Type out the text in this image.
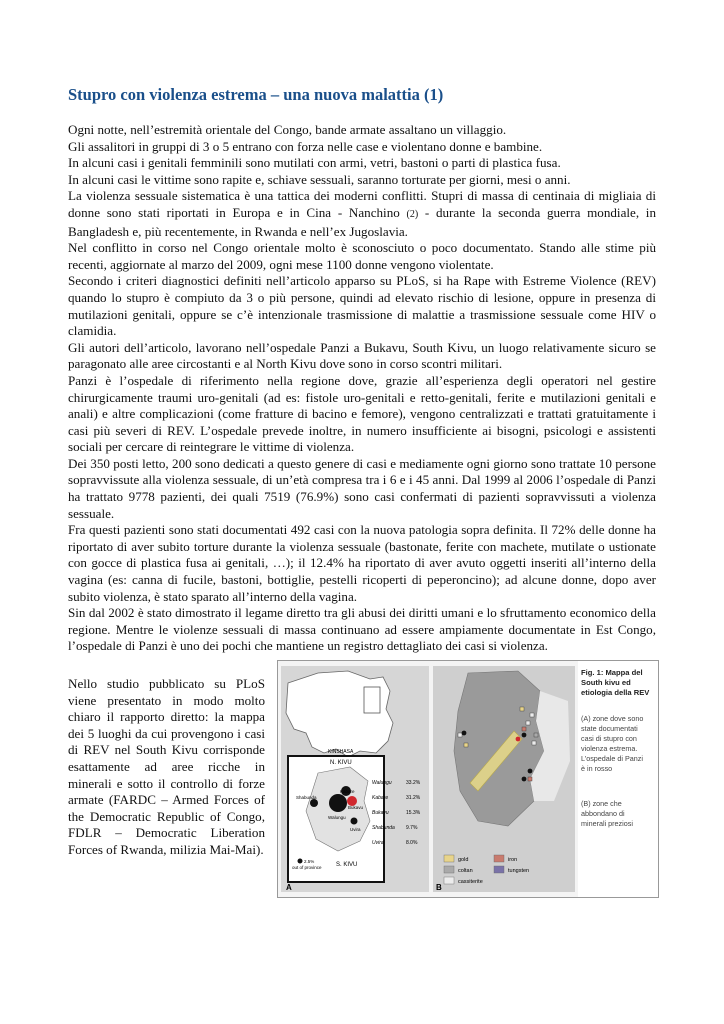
Stupro con violenza estrema – una nuova malattia (1)

Ogni notte, nell’estremità orientale del Congo, bande armate assaltano un villaggio.

Gli assalitori in gruppi di 3 o 5 entrano con forza nelle case e violentano donne e bambine.

In alcuni casi i genitali femminili sono mutilati con armi, vetri, bastoni o parti di plastica fusa.

In alcuni casi le vittime sono rapite e, schiave sessuali, saranno torturate per giorni, mesi o anni.

La violenza sessuale sistematica è una tattica dei moderni conflitti. Stupri di massa di centinaia di migliaia di donne sono stati riportati in Europa e in Cina - Nanchino (2) - durante la seconda guerra mondiale, in Bangladesh e, più recentemente, in Rwanda e nell’ex Jugoslavia.

Nel conflitto in corso nel Congo orientale molto è sconosciuto o poco documentato. Stando alle stime più recenti, aggiornate al marzo del 2009, ogni mese 1100 donne vengono violentate.

Secondo i criteri diagnostici definiti nell’articolo apparso su PLoS, si ha Rape with Estreme Violence (REV) quando lo stupro è compiuto da 3 o più persone, quindi ad elevato rischio di lesione, oppure in presenza di mutilazioni genitali, oppure se c’è intenzionale trasmissione di malattie a trasmissione sessuale come HIV o clamidia.

Gli autori dell’articolo, lavorano nell’ospedale Panzi a Bukavu, South Kivu, un luogo relativamente sicuro se paragonato alle aree circostanti e al North Kivu dove sono in corso scontri militari.

Panzi è l’ospedale di riferimento nella regione dove, grazie all’esperienza degli operatori nel gestire chirurgicamente traumi uro-genitali (ad es: fistole uro-genitali e retto-genitali, ferite e mutilazioni genitali e anali) e altre complicazioni (come fratture di bacino e femore), vengono centralizzati e trattati gratuitamente i casi più severi di REV. L’ospedale prevede inoltre, in numero insufficiente ai bisogni, psicologi e assistenti sociali per cercare di reintegrare le vittime di violenza.

Dei 350 posti letto, 200 sono dedicati a questo genere di casi e mediamente ogni giorno sono trattate 10 persone sopravvissute alla violenza sessuale, di un’età compresa tra i 6 e i 45 anni. Dal 1999 al 2006 l’ospedale di Panzi ha trattato 9778 pazienti, dei quali 7519 (76.9%) sono casi confermati di pazienti sopravvissuti a violenza sessuale.

Fra questi pazienti sono stati documentati 492 casi con la nuova patologia sopra definita. Il 72% delle donne ha riportato di aver subito torture durante la violenza sessuale (bastonate, ferite con machete, mutilate o ustionate con gocce di plastica fusa ai genitali, …); il 12.4% ha riportato di aver avuto oggetti inseriti all’interno della vagina (es: canna di fucile, bastoni, bottiglie, pestelli ricoperti di peperoncino); ad alcune donne, dopo aver subito violenza, è stato sparato all’interno della vagina.

Sin dal 2002 è stato dimostrato il legame diretto tra gli abusi dei diritti umani e lo sfruttamento economico della regione. Mentre le violenze sessuali di massa continuano ad essere ampiamente documentate in Est Congo, l’ospedale di Panzi è uno dei pochi che mantiene un registro dettagliato dei casi si violenza.

Nello studio pubblicato su PLoS viene presentato in modo molto chiaro il rapporto diretto: la mappa dei 5 luoghi da cui provengono i casi di REV nel South Kivu corrisponde esattamente ad aree ricche in minerali e sotto il controllo di forze armate (FARDC – Armed Forces of the Democratic Republic of Congo, FDLR – Democratic Liberation Forces of Rwanda, milizia Mai-Mai).
KINSHASA
N. KIVU
S. KIVU
Kabare
Bukavu
Walungu
Shabunda
Uvira
2.5%
out of province
Walungu	33.2%
Kabare	31.2%
Bukavu	15.3%
Shabunda 9.7%
Uvira	8.0%
A
gold	iron
coltan	tungsten
cassiterite
B
Fig. 1: Mappa del South kivu ed etiologia della REV
(A) zone dove sono state documentati casi di stupro con violenza estrema. L’ospedale di Panzi è in rosso
(B) zone che abbondano di minerali preziosi
